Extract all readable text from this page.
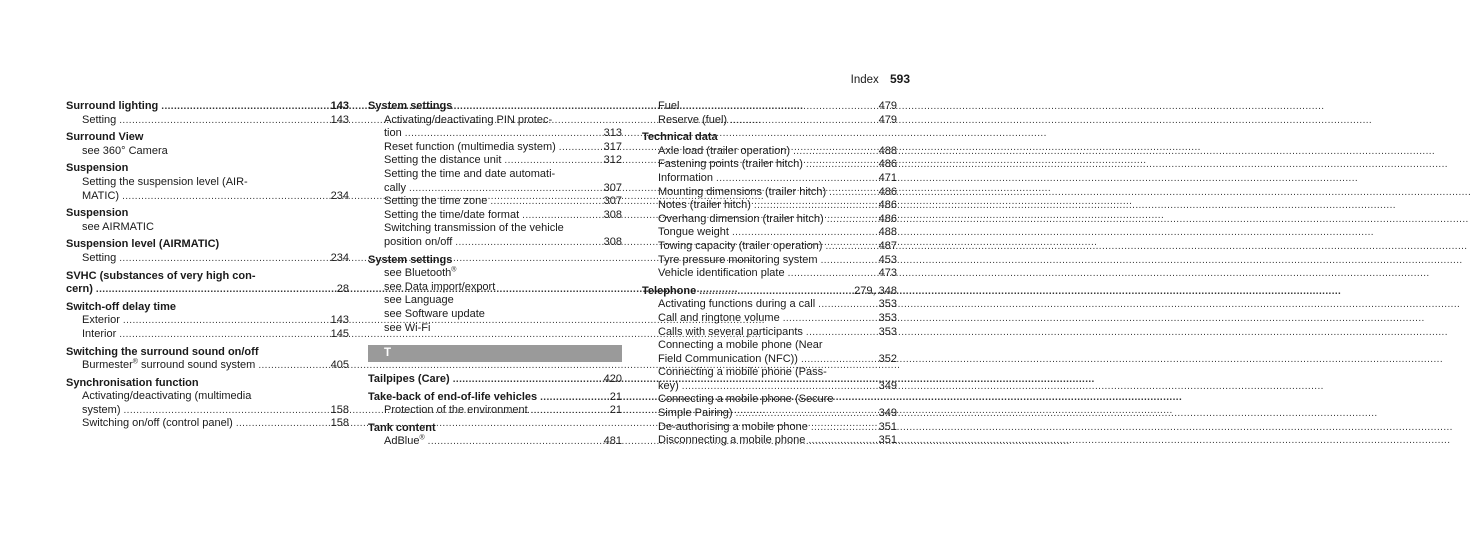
Index 593
Surround lighting .....	143
Setting .....	143
Surround View
see 360° Camera
Suspension
Setting the suspension level (AIR-
MATIC) .....	234
Suspension
see AIRMATIC
Suspension level (AIRMATIC)
Setting .....	234
SVHC (substances of very high con-
cern) .....	28
Switch-off delay time
Exterior .....	143
Interior .....	145
Switching the surround sound on/off
Burmester® surround sound system .....	405
Synchronisation function
Activating/deactivating (multimedia
system) .....	158
Switching on/off (control panel) .....	158
System settings
Activating/deactivating PIN protec-
tion .....	313
Reset function (multimedia system) .....	317
Setting the distance unit .....	312
Setting the time and date automati-
cally .....	307
Setting the time zone .....	307
Setting the time/date format .....	308
Switching transmission of the vehicle
position on/off .....	308
System settings
see Bluetooth®
see Data import/export
see Language
see Software update
see Wi-Fi
T
Tailpipes (Care) .....	420
Take-back of end-of-life vehicles .....	21
Protection of the environment .....	21
Tank content
AdBlue® .....	481
Fuel .....	479
Reserve (fuel) .....	479
Technical data
Axle load (trailer operation) .....	488
Fastening points (trailer hitch) .....	486
Information .....	471
Mounting dimensions (trailer hitch) .....	486
Notes (trailer hitch) .....	486
Overhang dimension (trailer hitch) .....	486
Tongue weight .....	488
Towing capacity (trailer operation) .....	487
Tyre pressure monitoring system .....	453
Vehicle identification plate .....	473
Telephone .....	279, 348
Activating functions during a call .....	353
Call and ringtone volume .....	353
Calls with several participants .....	353
Connecting a mobile phone (Near
Field Communication (NFC)) .....	352
Connecting a mobile phone (Pass-
key) .....	349
Connecting a mobile phone (Secure
Simple Pairing) .....	349
De-authorising a mobile phone .....	351
Disconnecting a mobile phone .....	351
